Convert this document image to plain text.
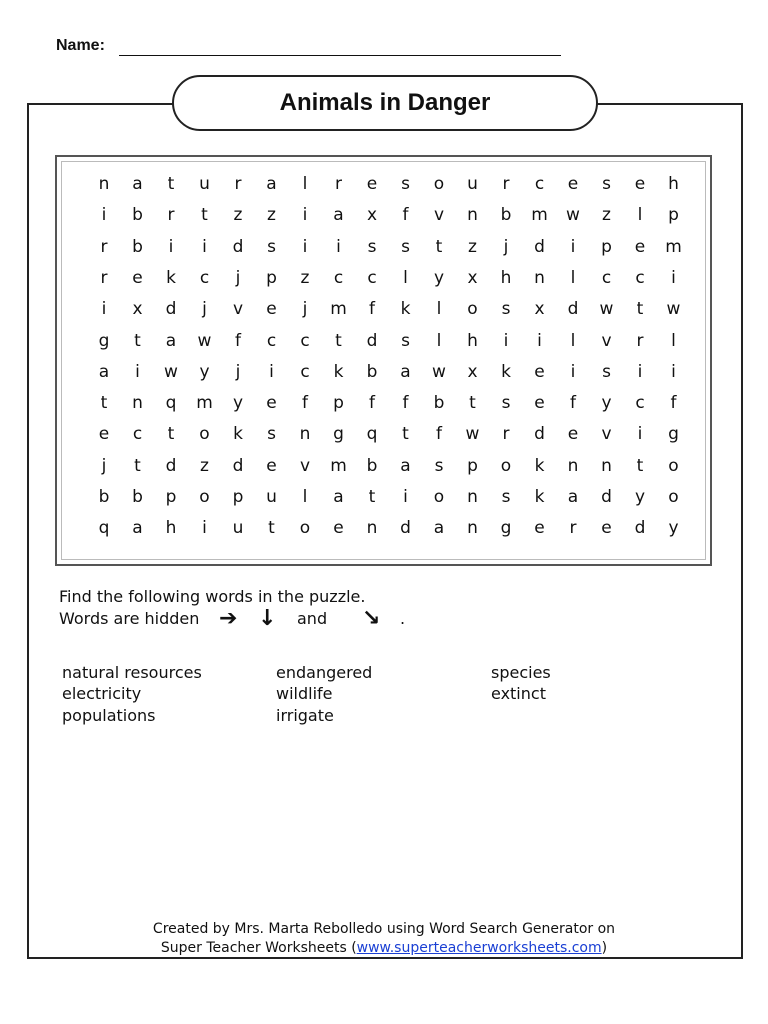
Name:
Animals in Danger
n	a	t	u	r	a	l	r	e	s	o	u	r	c	e	s	e	h
i	b	r	t	z	z	i	a	x	f	v	n	b	m	w	z	l	p
r	b	i	i	d	s	i	i	s	s	t	z	j	d	i	p	e	m
r	e	k	c	j	p	z	c	c	l	y	x	h	n	l	c	c	i
i	x	d	j	v	e	j	m	f	k	l	o	s	x	d	w	t	w
g	t	a	w	f	c	c	t	d	s	l	h	i	i	l	v	r	l
a	i	w	y	j	i	c	k	b	a	w	x	k	e	i	s	i	i
t	n	q	m	y	e	f	p	f	f	b	t	s	e	f	y	c	f
e	c	t	o	k	s	n	g	q	t	f	w	r	d	e	v	i	g
j	t	d	z	d	e	v	m	b	a	s	p	o	k	n	n	t	o
b	b	p	o	p	u	l	a	t	i	o	n	s	k	a	d	y	o
q	a	h	i	u	t	o	e	n	d	a	n	g	e	r	e	d	y
Find the following words in the puzzle.
Words are hidden ➔ ↓ and ↘ .
natural resources
electricity
populations
endangered
wildlife
irrigate
species
extinct
Created by Mrs. Marta Rebolledo using Word Search Generator on
Super Teacher Worksheets (www.superteacherworksheets.com)
